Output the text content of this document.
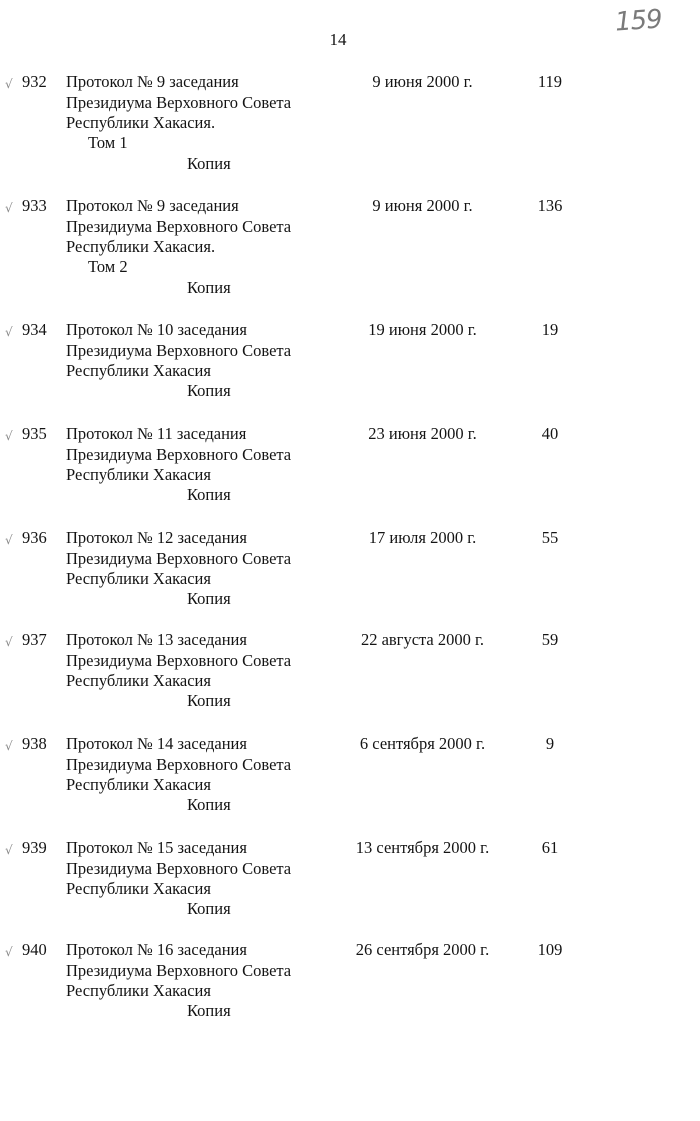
14
159
√ 932 Протокол № 9 заседания
Президиума Верховного Совета
Республики Хакасия.
Том 1
Копия
9 июня 2000 г.	119
√ 933 Протокол № 9 заседания
Президиума Верховного Совета
Республики Хакасия.
Том 2
Копия
9 июня 2000 г.	136
√ 934 Протокол № 10 заседания
Президиума Верховного Совета
Республики Хакасия
Копия
19 июня 2000 г.	19
√ 935 Протокол № 11 заседания
Президиума Верховного Совета
Республики Хакасия
Копия
23 июня 2000 г.	40
√ 936 Протокол № 12 заседания
Президиума Верховного Совета
Республики Хакасия
Копия
17 июля 2000 г.	55
√ 937 Протокол № 13 заседания
Президиума Верховного Совета
Республики Хакасия
Копия
22 августа 2000 г.	59
√ 938 Протокол № 14 заседания
Президиума Верховного Совета
Республики Хакасия
Копия
6 сентября 2000 г.	9
√ 939 Протокол № 15 заседания
Президиума Верховного Совета
Республики Хакасия
Копия
13 сентября 2000 г.	61
√ 940 Протокол № 16 заседания
Президиума Верховного Совета
Республики Хакасия
Копия
26 сентября 2000 г.	109
